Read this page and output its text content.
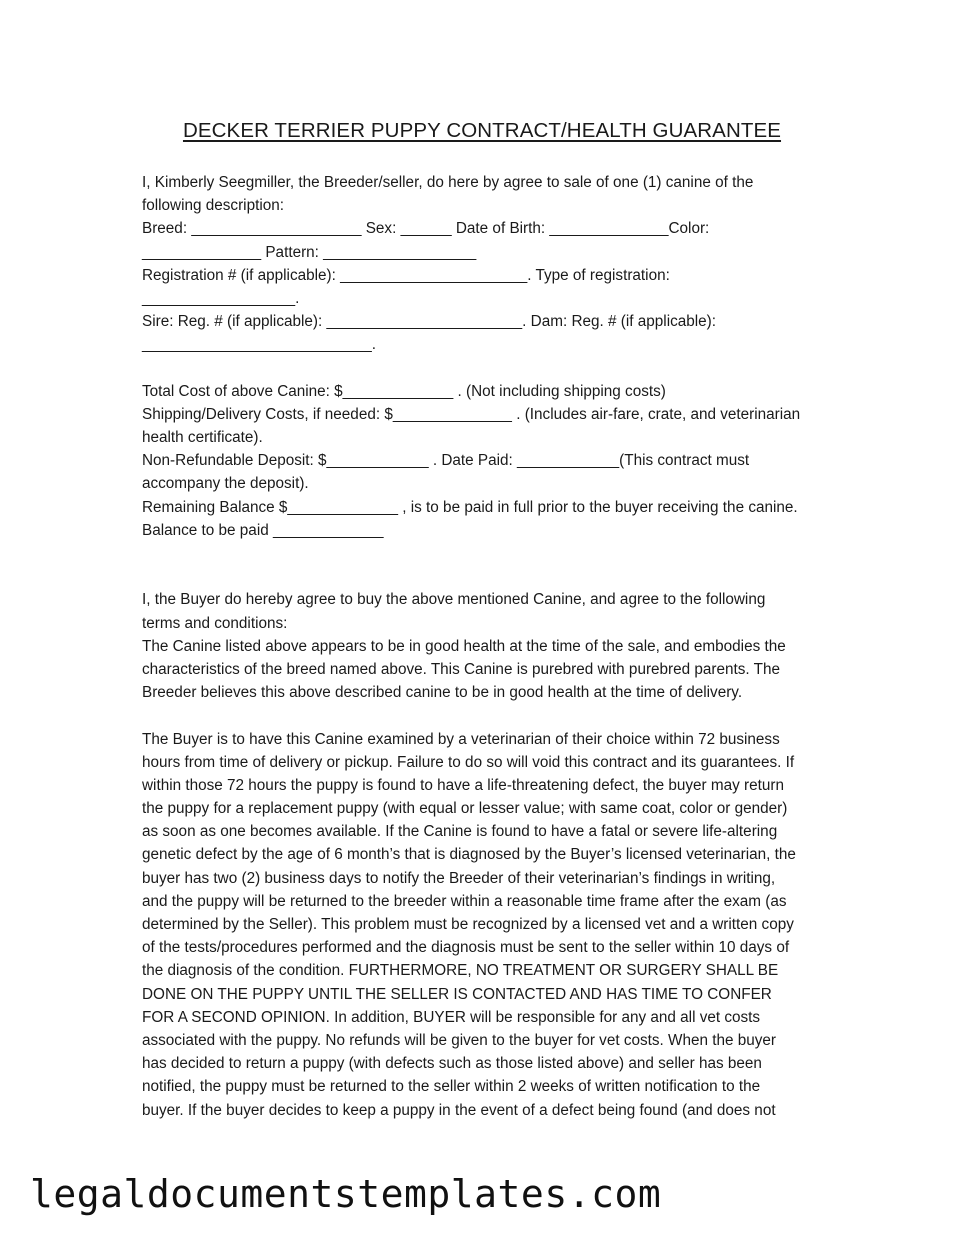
DECKER TERRIER PUPPY CONTRACT/HEALTH GUARANTEE
I, Kimberly Seegmiller, the Breeder/seller, do here by agree to sale of one (1) canine of the
following description:
Breed: ____________________ Sex: ______ Date of Birth: ______________Color:
______________ Pattern: __________________
Registration # (if applicable): ______________________. Type of registration:
__________________.
Sire: Reg. # (if applicable): _______________________. Dam: Reg. # (if applicable):
___________________________.
Total Cost of above Canine: $_____________ . (Not including shipping costs)
Shipping/Delivery Costs, if needed: $______________ . (Includes air-fare, crate, and veterinarian
health certificate).
Non-Refundable Deposit: $____________ . Date Paid: ____________(This contract must
accompany the deposit).
Remaining Balance $_____________ , is to be paid in full prior to the buyer receiving the canine.
Balance to be paid _____________
I, the Buyer do hereby agree to buy the above mentioned Canine, and agree to the following
terms and conditions:
The Canine listed above appears to be in good health at the time of the sale, and embodies the
characteristics of the breed named above. This Canine is purebred with purebred parents. The
Breeder believes this above described canine to be in good health at the time of delivery.
The Buyer is to have this Canine examined by a veterinarian of their choice within 72 business
hours from time of delivery or pickup. Failure to do so will void this contract and its guarantees. If
within those 72 hours the puppy is found to have a life-threatening defect, the buyer may return
the puppy for a replacement puppy (with equal or lesser value; with same coat, color or gender)
as soon as one becomes available. If the Canine is found to have a fatal or severe life-altering
genetic defect by the age of 6 month’s that is diagnosed by the Buyer’s licensed veterinarian, the
buyer has two (2) business days to notify the Breeder of their veterinarian’s findings in writing,
and the puppy will be returned to the breeder within a reasonable time frame after the exam (as
determined by the Seller). This problem must be recognized by a licensed vet and a written copy
of the tests/procedures performed and the diagnosis must be sent to the seller within 10 days of
the diagnosis of the condition. FURTHERMORE, NO TREATMENT OR SURGERY SHALL BE
DONE ON THE PUPPY UNTIL THE SELLER IS CONTACTED AND HAS TIME TO CONFER
FOR A SECOND OPINION. In addition, BUYER will be responsible for any and all vet costs
associated with the puppy. No refunds will be given to the buyer for vet costs. When the buyer
has decided to return a puppy (with defects such as those listed above) and seller has been
notified, the puppy must be returned to the seller within 2 weeks of written notification to the
buyer. If the buyer decides to keep a puppy in the event of a defect being found (and does not
legaldocumentstemplates.com
